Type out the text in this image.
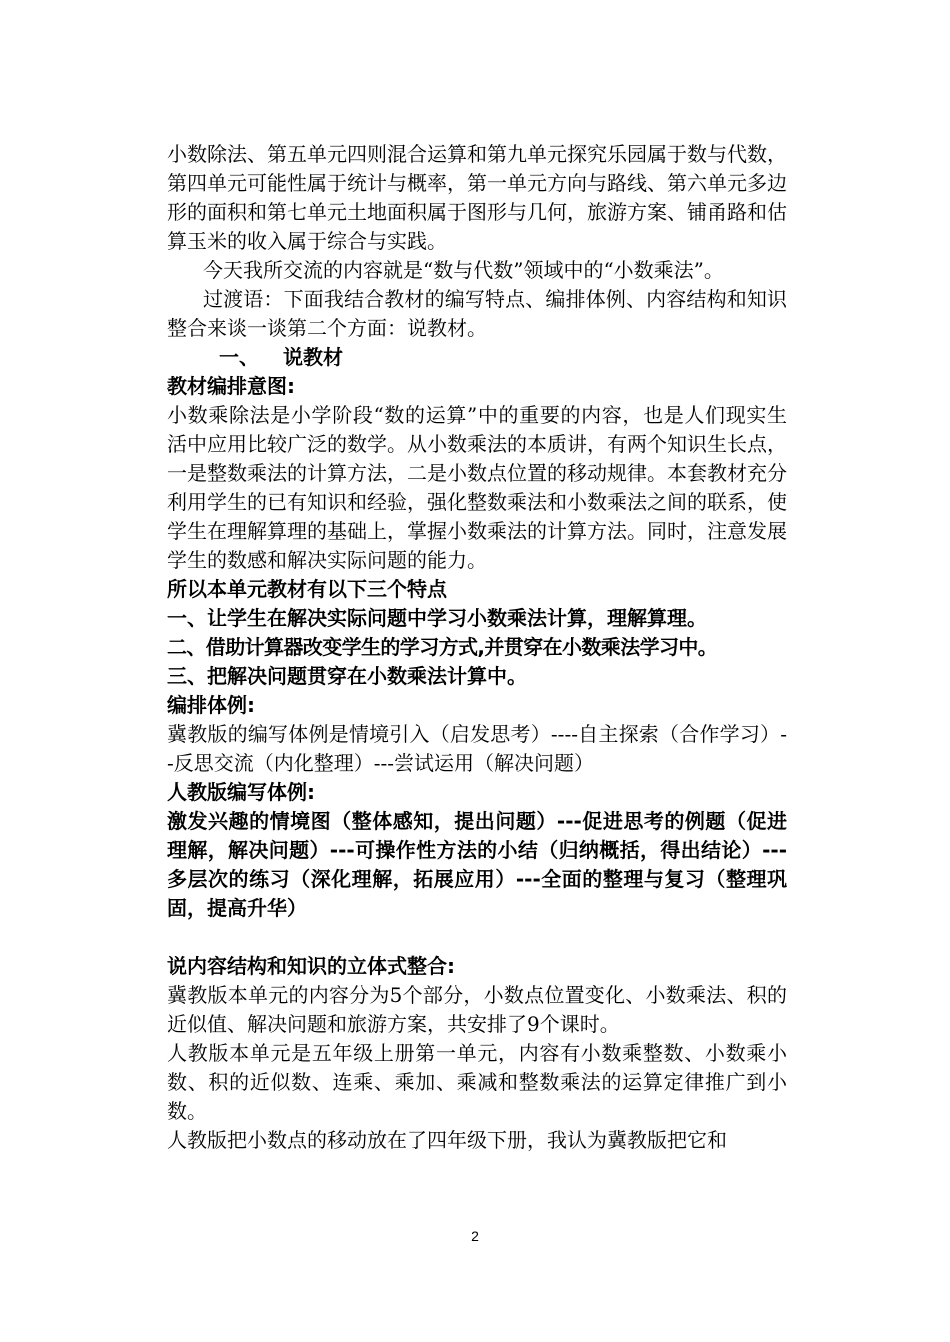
小数除法、第五单元四则混合运算和第九单元探究乐园属于数与代数，第四单元可能性属于统计与概率，第一单元方向与路线、第六单元多边形的面积和第七单元土地面积属于图形与几何，旅游方案、铺甬路和估算玉米的收入属于综合与实践。

今天我所交流的内容就是“数与代数”领域中的“小数乘法”。

过渡语：下面我结合教材的编写特点、编排体例、内容结构和知识整合来谈一谈第二个方面：说教材。

一、 说教材

教材编排意图:

小数乘除法是小学阶段“数的运算”中的重要的内容，也是人们现实生活中应用比较广泛的数学。从小数乘法的本质讲，有两个知识生长点，一是整数乘法的计算方法，二是小数点位置的移动规律。本套教材充分利用学生的已有知识和经验，强化整数乘法和小数乘法之间的联系，使学生在理解算理的基础上，掌握小数乘法的计算方法。同时，注意发展学生的数感和解决实际问题的能力。

所以本单元教材有以下三个特点

一、让学生在解决实际问题中学习小数乘法计算，理解算理。

二、借助计算器改变学生的学习方式,并贯穿在小数乘法学习中。

三、把解决问题贯穿在小数乘法计算中。

编排体例:

冀教版的编写体例是情境引入（启发思考）----自主探索（合作学习）--反思交流（内化整理）---尝试运用（解决问题）

人教版编写体例:

激发兴趣的情境图（整体感知，提出问题）---促进思考的例题（促进理解，解决问题）---可操作性方法的小结（归纳概括，得出结论）---多层次的练习（深化理解，拓展应用）---全面的整理与复习（整理巩固，提高升华）

说内容结构和知识的立体式整合:

冀教版本单元的内容分为5个部分，小数点位置变化、小数乘法、积的近似值、解决问题和旅游方案，共安排了9个课时。

人教版本单元是五年级上册第一单元，内容有小数乘整数、小数乘小数、积的近似数、连乘、乘加、乘减和整数乘法的运算定律推广到小数。

人教版把小数点的移动放在了四年级下册，我认为冀教版把它和

2
